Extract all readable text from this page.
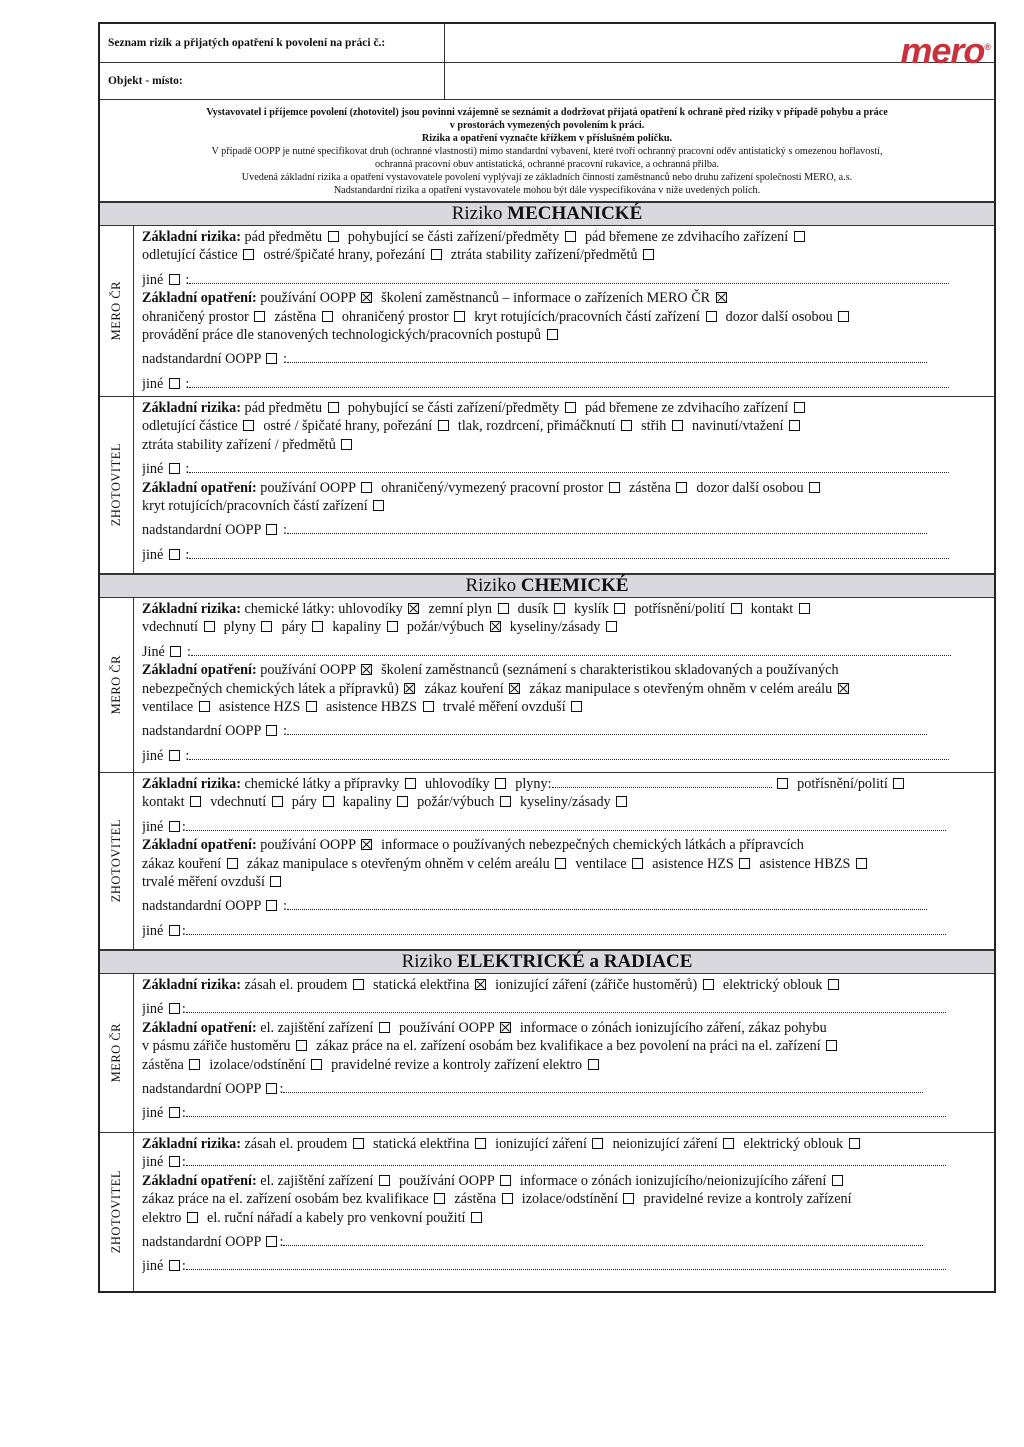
Seznam rizik a přijatých opatření k povolení na práci č.:	mero®
Objekt - místo:
Vystavovatel i příjemce povolení (zhotovitel) jsou povinni vzájemně se seznámit a dodržovat přijatá opatření k ochraně před riziky v případě pohybu a práce
v prostorách vymezených povolením k práci.
Rizika a opatření vyznačte křížkem v příslušném políčku.
V případě OOPP je nutné specifikovat druh (ochranné vlastnosti) mimo standardní vybavení, které tvoří ochranný pracovní oděv antistatický s omezenou hořlavostí,
ochranná pracovní obuv antistatická, ochranné pracovní rukavice, a ochranná přilba.
Uvedená základní rizika a opatření vystavovatele povolení vyplývají ze základních činností zaměstnanců nebo druhu zařízení společnosti MERO, a.s.
Nadstandardní rizika a opatření vystavovatele mohou být dále vyspecifikována v níže uvedených polích.
Riziko MECHANICKÉ
MERO ČR
Základní rizika: pád předmětu pohybující se části zařízení/předměty pád břemene ze zdvihacího zařízení
odletující částice ostré/špičaté hrany, pořezání ztráta stability zařízení/předmětů
jiné  :
Základní opatření: používání OOPP školení zaměstnanců – informace o zařízeních MERO ČR
ohraničený prostor zástěna ohraničený prostor kryt rotujících/pracovních částí zařízení dozor další osobou
provádění práce dle stanovených technologických/pracovních postupů
nadstandardní OOPP  :
jiné  :
ZHOTOVITEL
Základní rizika: pád předmětu pohybující se části zařízení/předměty pád břemene ze zdvihacího zařízení
odletující částice ostré / špičaté hrany, pořezání tlak, rozdrcení, přimáčknutí střih navinutí/vtažení
ztráta stability zařízení / předmětů
jiné  :
Základní opatření: používání OOPP ohraničený/vymezený pracovní prostor zástěna dozor další osobou
kryt rotujících/pracovních částí zařízení
nadstandardní OOPP  :
jiné  :
Riziko CHEMICKÉ
MERO ČR
Základní rizika: chemické látky: uhlovodíky zemní plyn dusík kyslík potřísnění/polití kontakt
vdechnutí plyny páry kapaliny požár/výbuch kyseliny/zásady
Jiné  :
Základní opatření: používání OOPP školení zaměstnanců (seznámení s charakteristikou skladovaných a používaných
nebezpečných chemických látek a přípravků) zákaz kouření zákaz manipulace s otevřeným ohněm v celém areálu
ventilace asistence HZS asistence HBZS trvalé měření ovzduší
nadstandardní OOPP  :
jiné  :
ZHOTOVITEL
Základní rizika: chemické látky a přípravky uhlovodíky plyny:	potřísnění/polití
kontakt vdechnutí páry kapaliny požár/výbuch kyseliny/zásady
jiné :
Základní opatření: používání OOPP informace o používaných nebezpečných chemických látkách a přípravcích
zákaz kouření zákaz manipulace s otevřeným ohněm v celém areálu ventilace asistence HZS asistence HBZS
trvalé měření ovzduší
nadstandardní OOPP  :
jiné :
Riziko ELEKTRICKÉ a RADIACE
MERO ČR
Základní rizika: zásah el. proudem statická elektřina ionizující záření (zářiče hustoměrů) elektrický oblouk
jiné :
Základní opatření: el. zajištění zařízení používání OOPP informace o zónách ionizujícího záření, zákaz pohybu
v pásmu zářiče hustoměru zákaz práce na el. zařízení osobám bez kvalifikace a bez povolení na práci na el. zařízení
zástěna izolace/odstínění pravidelné revize a kontroly zařízení elektro
nadstandardní OOPP :
jiné :
ZHOTOVITEL
Základní rizika: zásah el. proudem statická elektřina ionizující záření neionizující záření elektrický oblouk
jiné :
Základní opatření: el. zajištění zařízení používání OOPP informace o zónách ionizujícího/neionizujícího záření
zákaz práce na el. zařízení osobám bez kvalifikace zástěna izolace/odstínění pravidelné revize a kontroly zařízení
elektro el. ruční nářadí a kabely pro venkovní použití
nadstandardní OOPP :
jiné :
